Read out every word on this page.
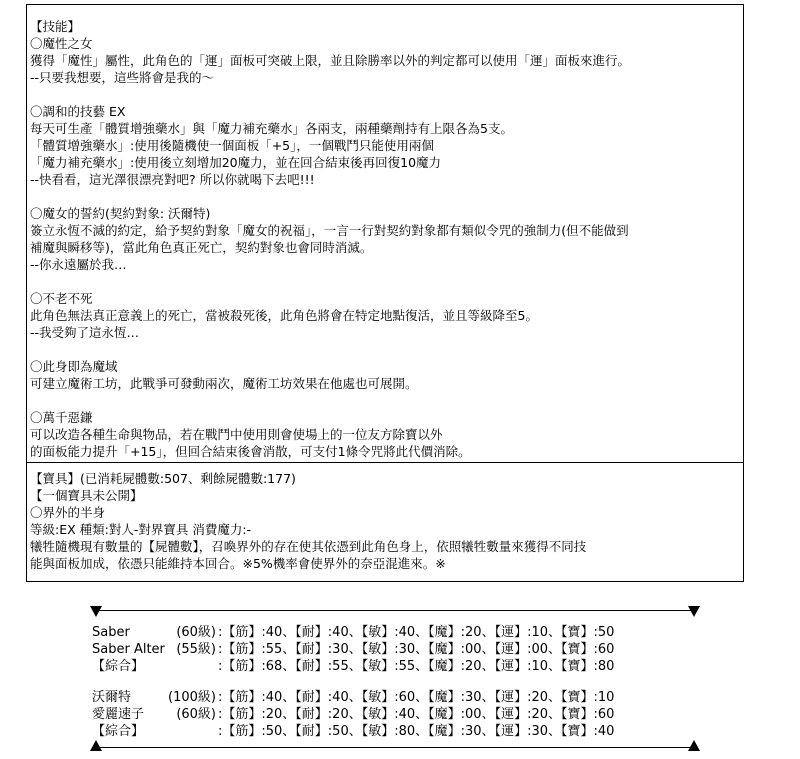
【技能】
〇魔性之女
獲得「魔性」屬性，此角色的「運」面板可突破上限，並且除勝率以外的判定都可以使用「運」面板來進行。
--只要我想要，這些將會是我的～
〇調和的技藝 EX
每天可生產「體質增強藥水」與「魔力補充藥水」各兩支，兩種藥劑持有上限各為5支。
「體質增強藥水」:使用後隨機使一個面板「+5」，一個戰鬥只能使用兩個
「魔力補充藥水」:使用後立刻增加20魔力，並在回合結束後再回復10魔力
--快看看，這光澤很漂亮對吧? 所以你就喝下去吧!!!
〇魔女的誓約(契約對象: 沃爾特)
簽立永恆不滅的約定，給予契約對象「魔女的祝福」，一言一行對契約對象都有類似令咒的強制力(但不能做到
補魔與瞬移等)，當此角色真正死亡，契約對象也會同時消滅。
--你永遠屬於我…
〇不老不死
此角色無法真正意義上的死亡，當被殺死後，此角色將會在特定地點復活，並且等級降至5。
--我受夠了這永恆…
〇此身即為魔域
可建立魔術工坊，此戰爭可發動兩次，魔術工坊效果在他處也可展開。
〇萬千惡鎌
可以改造各種生命與物品，若在戰鬥中使用則會使場上的一位友方除寶以外
的面板能力提升「+15」，但回合結束後會消散，可支付1條令咒將此代價消除。
【寶具】(已消耗屍體數:507、剩餘屍體數:177)
【一個寶具未公開】
〇界外的半身
等級:EX 種類:對人-對界寶具 消費魔力:-
犧牲隨機現有數量的【屍體數】，召喚界外的存在使其依憑到此角色身上，依照犧牲數量來獲得不同技
能與面板加成，依憑只能維持本回合。※5%機率會使界外的奈亞混進來。※
Saber	(60級) :【筋】:40、【耐】:40、【敏】:40、【魔】:20、【運】:10、【寶】:50
Saber Alter (55級) :【筋】:55、【耐】:30、【敏】:30、【魔】:00、【運】:00、【寶】:60
【綜合】	:【筋】:68、【耐】:55、【敏】:55、【魔】:20、【運】:10、【寶】:80
沃爾特	(100級) :【筋】:40、【耐】:40、【敏】:60、【魔】:30、【運】:20、【寶】:10
愛麗速子 (60級) :【筋】:20、【耐】:20、【敏】:40、【魔】:00、【運】:20、【寶】:60
【綜合】	:【筋】:50、【耐】:50、【敏】:80、【魔】:30、【運】:30、【寶】:40
